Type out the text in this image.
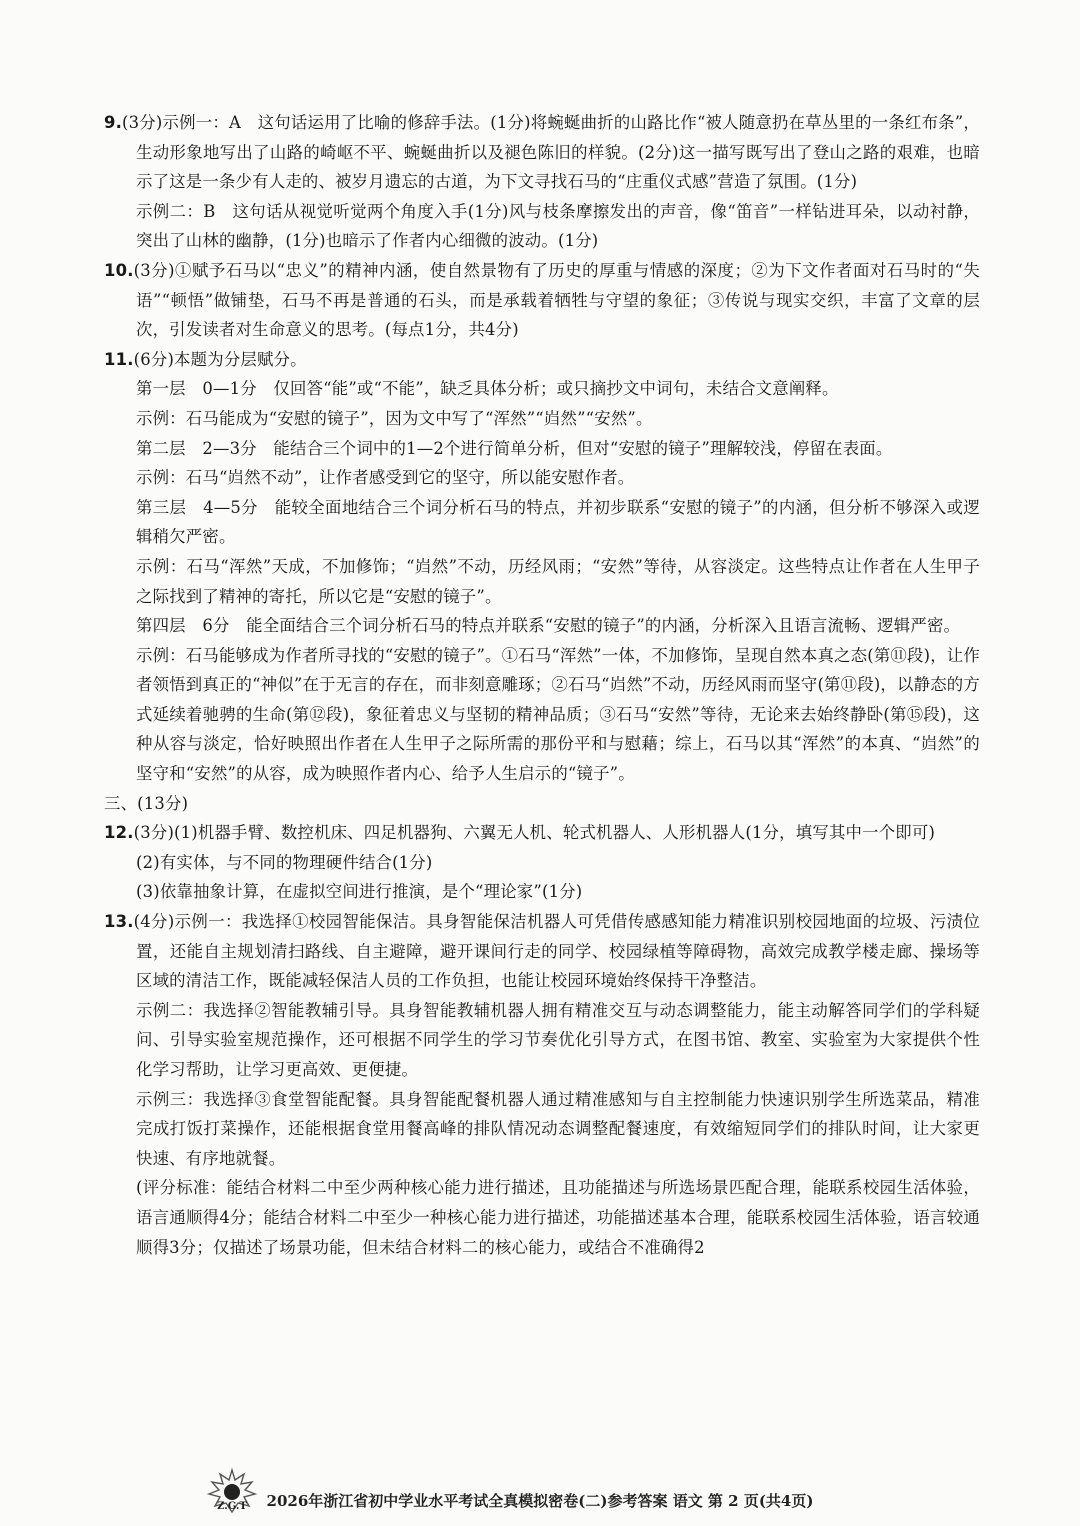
9.(3分)示例一：A　这句话运用了比喻的修辞手法。(1分)将蜿蜒曲折的山路比作“被人随意扔在草丛里的一条红布条”，生动形象地写出了山路的崎岖不平、蜿蜒曲折以及褪色陈旧的样貌。(2分)这一描写既写出了登山之路的艰难，也暗示了这是一条少有人走的、被岁月遗忘的古道，为下文寻找石马的“庄重仪式感”营造了氛围。(1分)

示例二：B　这句话从视觉听觉两个角度入手(1分)风与枝条摩擦发出的声音，像“笛音”一样钻进耳朵，以动衬静，突出了山林的幽静，(1分)也暗示了作者内心细微的波动。(1分)

10.(3分)①赋予石马以“忠义”的精神内涵，使自然景物有了历史的厚重与情感的深度；②为下文作者面对石马时的“失语”“顿悟”做铺垫，石马不再是普通的石头，而是承载着牺牲与守望的象征；③传说与现实交织，丰富了文章的层次，引发读者对生命意义的思考。(每点1分，共4分)

11.(6分)本题为分层赋分。

第一层　0—1分　仅回答“能”或“不能”，缺乏具体分析；或只摘抄文中词句，未结合文意阐释。

示例：石马能成为“安慰的镜子”，因为文中写了“浑然”“岿然”“安然”。

第二层　2—3分　能结合三个词中的1—2个进行简单分析，但对“安慰的镜子”理解较浅，停留在表面。

示例：石马“岿然不动”，让作者感受到它的坚守，所以能安慰作者。

第三层　4—5分　能较全面地结合三个词分析石马的特点，并初步联系“安慰的镜子”的内涵，但分析不够深入或逻辑稍欠严密。

示例：石马“浑然”天成，不加修饰；“岿然”不动，历经风雨；“安然”等待，从容淡定。这些特点让作者在人生甲子之际找到了精神的寄托，所以它是“安慰的镜子”。

第四层　6分　能全面结合三个词分析石马的特点并联系“安慰的镜子”的内涵，分析深入且语言流畅、逻辑严密。

示例：石马能够成为作者所寻找的“安慰的镜子”。①石马“浑然”一体，不加修饰，呈现自然本真之态(第⑪段)，让作者领悟到真正的“神似”在于无言的存在，而非刻意雕琢；②石马“岿然”不动，历经风雨而坚守(第⑪段)，以静态的方式延续着驰骋的生命(第⑫段)，象征着忠义与坚韧的精神品质；③石马“安然”等待，无论来去始终静卧(第⑮段)，这种从容与淡定，恰好映照出作者在人生甲子之际所需的那份平和与慰藉；综上，石马以其“浑然”的本真、“岿然”的坚守和“安然”的从容，成为映照作者内心、给予人生启示的“镜子”。

三、(13分)

12.(3分)(1)机器手臂、数控机床、四足机器狗、六翼无人机、轮式机器人、人形机器人(1分，填写其中一个即可)

(2)有实体，与不同的物理硬件结合(1分)

(3)依靠抽象计算，在虚拟空间进行推演，是个“理论家”(1分)

13.(4分)示例一：我选择①校园智能保洁。具身智能保洁机器人可凭借传感感知能力精准识别校园地面的垃圾、污渍位置，还能自主规划清扫路线、自主避障，避开课间行走的同学、校园绿植等障碍物，高效完成教学楼走廊、操场等区域的清洁工作，既能减轻保洁人员的工作负担，也能让校园环境始终保持干净整洁。

示例二：我选择②智能教辅引导。具身智能教辅机器人拥有精准交互与动态调整能力，能主动解答同学们的学科疑问、引导实验室规范操作，还可根据不同学生的学习节奏优化引导方式，在图书馆、教室、实验室为大家提供个性化学习帮助，让学习更高效、更便捷。

示例三：我选择③食堂智能配餐。具身智能配餐机器人通过精准感知与自主控制能力快速识别学生所选菜品，精准完成打饭打菜操作，还能根据食堂用餐高峰的排队情况动态调整配餐速度，有效缩短同学们的排队时间，让大家更快速、有序地就餐。

(评分标准：能结合材料二中至少两种核心能力进行描述，且功能描述与所选场景匹配合理，能联系校园生活体验，语言通顺得4分；能结合材料二中至少一种核心能力进行描述，功能描述基本合理，能联系校园生活体验，语言较通顺得3分；仅描述了场景功能，但未结合材料二的核心能力，或结合不准确得2

Z.G.T	2026年浙江省初中学业水平考试全真模拟密卷(二)参考答案 语文 第 2 页(共4页)
